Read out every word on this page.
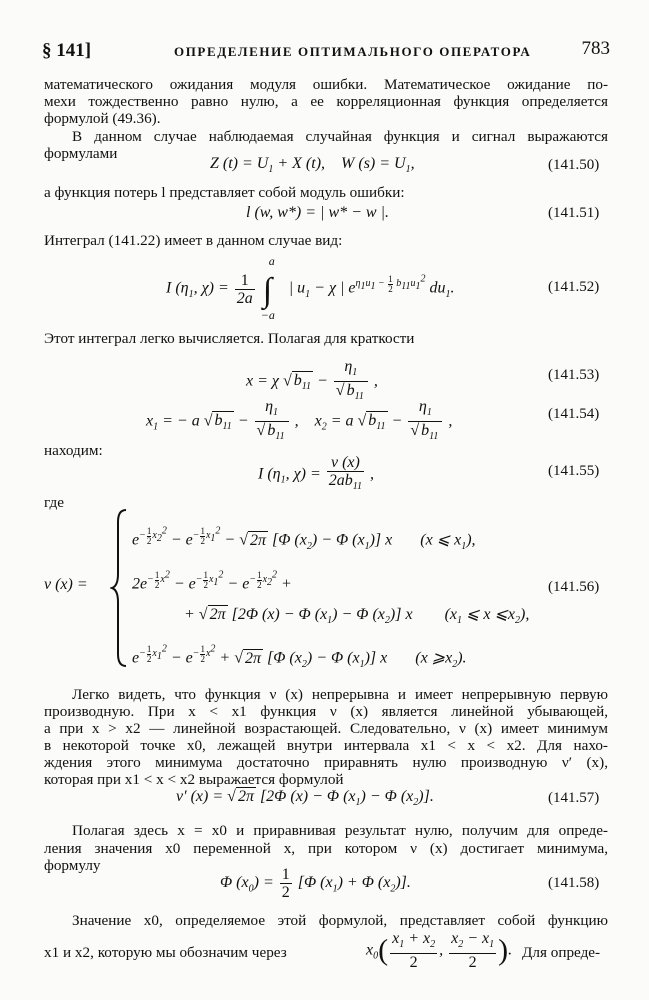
§ 141]	ОПРЕДЕЛЕНИЕ ОПТИМАЛЬНОГО ОПЕРАТОРА	783
математического ожидания модуля ошибки. Математическое ожидание по-
мехи тождественно равно нулю, а ее корреляционная функция определяется
формулой (49.36).
В данном случае наблюдаемая случайная функция и сигнал выражаются
формулами
Z $(t) = U_1 + X$ (t),    W $(s) = U_1$,	(141.50)
а функция потерь l представляет собой модуль ошибки:
l (w, w*) = | w* − w |.	(141.51)
Интеграл (141.22) имеет в данном случае вид:
I ($\eta_1$, $\chi) = \frac{1}{2a}$

a
∫
−a
| $u_1 - \chi$ | $e^{\eta_1u_1 - \frac{1}{2} b_{11}u_1^2}$ $du_1$.	(141.52)
Этот интеграл легко вычисляется. Полагая для краткости
x = χ √ $b_{11} - \frac{\eta_1}{√ b_{11}}$ ,	(141.53)
$x_1$ = − a √ $b_{11} - \frac{\eta_1}{√ b_{11}}$ ,    $x_2 = a$ √ $b_{11} - \frac{\eta_1}{√ b_{11}}$ ,	(141.54)
находим:
I ($\eta_1$, $\chi) = \frac{\nu (x)}{2ab_{11}}$ ,	(141.55)
где
ν (x) =
$e^{- \frac{1}{2} x_2^2} - e^{- \frac{1}{2} x_1^2}$ − √ 2π [Φ $(x_2) - \Phi$ $(x_1)$] x       (x ⩽ $x_1$),
$2e^{- \frac{1}{2} x^2} - e^{- \frac{1}{2} x_1^2} - e^{- \frac{1}{2} x_2^2}$ +
+ √ 2π [2Φ (x) − Φ $(x_1) - \Phi$ $(x_2)$] x        ($x_1$ ⩽ x $⩽x_2$),
$e^{- \frac{1}{2} x_1^2} - e^{- \frac{1}{2} x^2}$ + √ 2π [Φ $(x_2) - \Phi$ $(x_1)$] x       (x $⩾x_2$).
(141.56)
Легко видеть, что функция ν (x) непрерывна и имеет непрерывную первую
производную. При x < x1 функция ν (x) является линейной убывающей,
а при x > x2 — линейной возрастающей. Следовательно, ν (x) имеет минимум
в некоторой точке x0, лежащей внутри интервала x1 < x < x2. Для нахо-
ждения этого минимума достаточно приравнять нулю производную ν′ (x),
которая при x1 < x < x2 выражается формулой
ν′ (x) = √ 2π [2Φ (x) − Φ $(x_1) - \Phi$ $(x_2)$].	(141.57)
Полагая здесь x = x0 и приравнивая результат нулю, получим для опреде-
ления значения x0 переменной x, при котором ν (x) достигает минимума,
формулу
Φ $(x_0) = \frac{1}{2} [\Phi$ $(x_1) + \Phi$ $(x_2)$].	(141.58)
Значение x0, определяемое этой формулой, представляет собой функцию
x1 и x2, которую мы обозначим через	$x_0( \frac{x_1 + x_2}{2}$ , $\frac{x_2 - x_1}{2}$ ). Для опреде-
